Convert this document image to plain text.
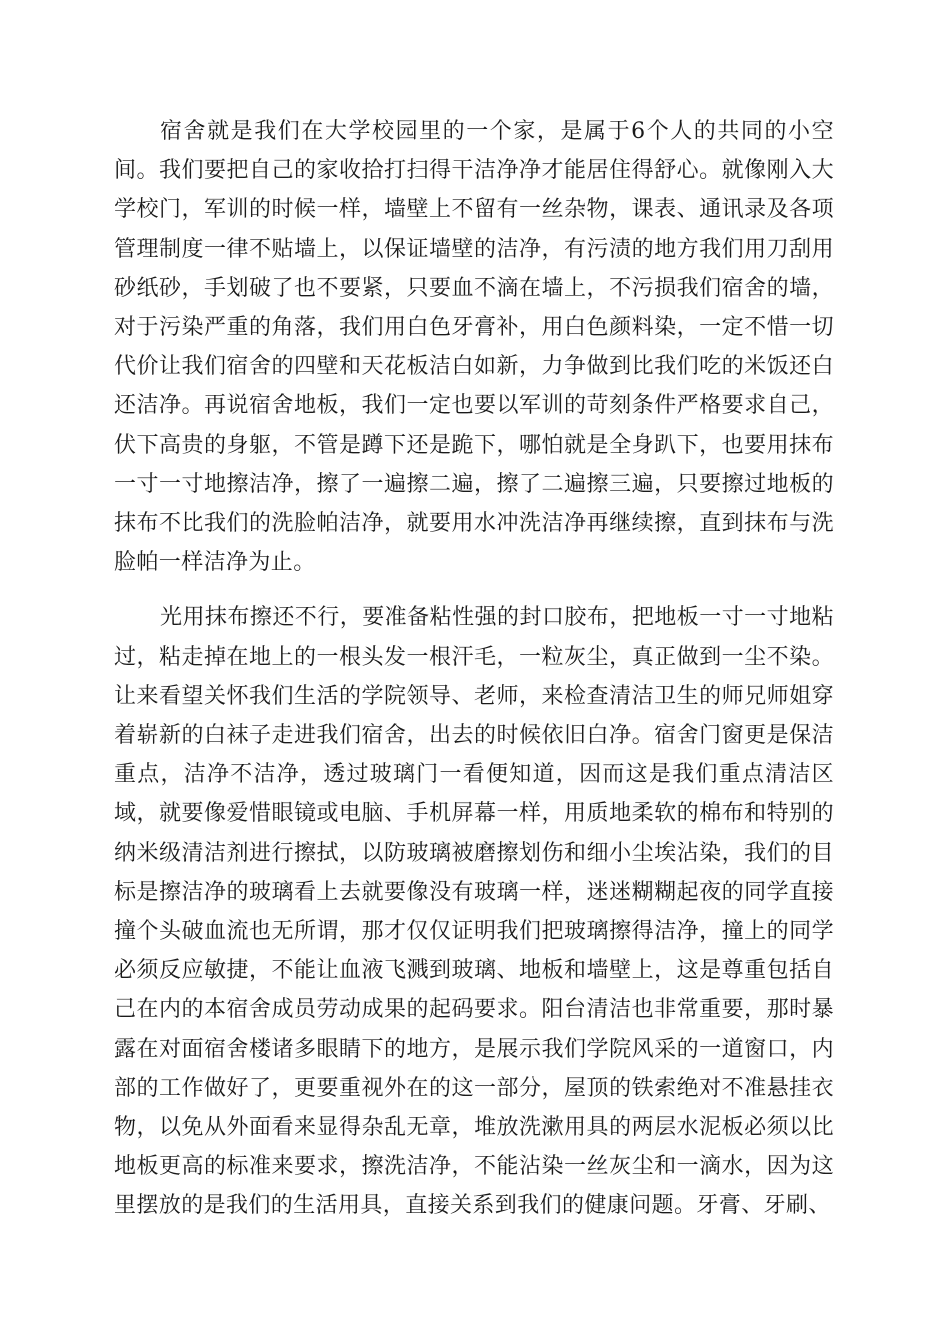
宿舍就是我们在大学校园里的一个家，是属于6个人的共同的小空间。我们要把自己的家收拾打扫得干洁净净才能居住得舒心。就像刚入大学校门，军训的时候一样，墙壁上不留有一丝杂物，课表、通讯录及各项管理制度一律不贴墙上，以保证墙壁的洁净，有污渍的地方我们用刀刮用砂纸砂，手划破了也不要紧，只要血不滴在墙上，不污损我们宿舍的墙，对于污染严重的角落，我们用白色牙膏补，用白色颜料染，一定不惜一切代价让我们宿舍的四壁和天花板洁白如新，力争做到比我们吃的米饭还白还洁净。再说宿舍地板，我们一定也要以军训的苛刻条件严格要求自己，伏下高贵的身躯，不管是蹲下还是跪下，哪怕就是全身趴下，也要用抹布一寸一寸地擦洁净，擦了一遍擦二遍，擦了二遍擦三遍，只要擦过地板的抹布不比我们的洗脸帕洁净，就要用水冲洗洁净再继续擦，直到抹布与洗脸帕一样洁净为止。

光用抹布擦还不行，要准备粘性强的封口胶布，把地板一寸一寸地粘过，粘走掉在地上的一根头发一根汗毛，一粒灰尘，真正做到一尘不染。让来看望关怀我们生活的学院领导、老师，来检查清洁卫生的师兄师姐穿着崭新的白袜子走进我们宿舍，出去的时候依旧白净。宿舍门窗更是保洁重点，洁净不洁净，透过玻璃门一看便知道，因而这是我们重点清洁区域，就要像爱惜眼镜或电脑、手机屏幕一样，用质地柔软的棉布和特别的纳米级清洁剂进行擦拭，以防玻璃被磨擦划伤和细小尘埃沾染，我们的目标是擦洁净的玻璃看上去就要像没有玻璃一样，迷迷糊糊起夜的同学直接撞个头破血流也无所谓，那才仅仅证明我们把玻璃擦得洁净，撞上的同学必须反应敏捷，不能让血液飞溅到玻璃、地板和墙壁上，这是尊重包括自己在内的本宿舍成员劳动成果的起码要求。阳台清洁也非常重要，那时暴露在对面宿舍楼诸多眼睛下的地方，是展示我们学院风采的一道窗口，内部的工作做好了，更要重视外在的这一部分，屋顶的铁索绝对不准悬挂衣物，以免从外面看来显得杂乱无章，堆放洗漱用具的两层水泥板必须以比地板更高的标准来要求，擦洗洁净，不能沾染一丝灰尘和一滴水，因为这里摆放的是我们的生活用具，直接关系到我们的健康问题。牙膏、牙刷、
